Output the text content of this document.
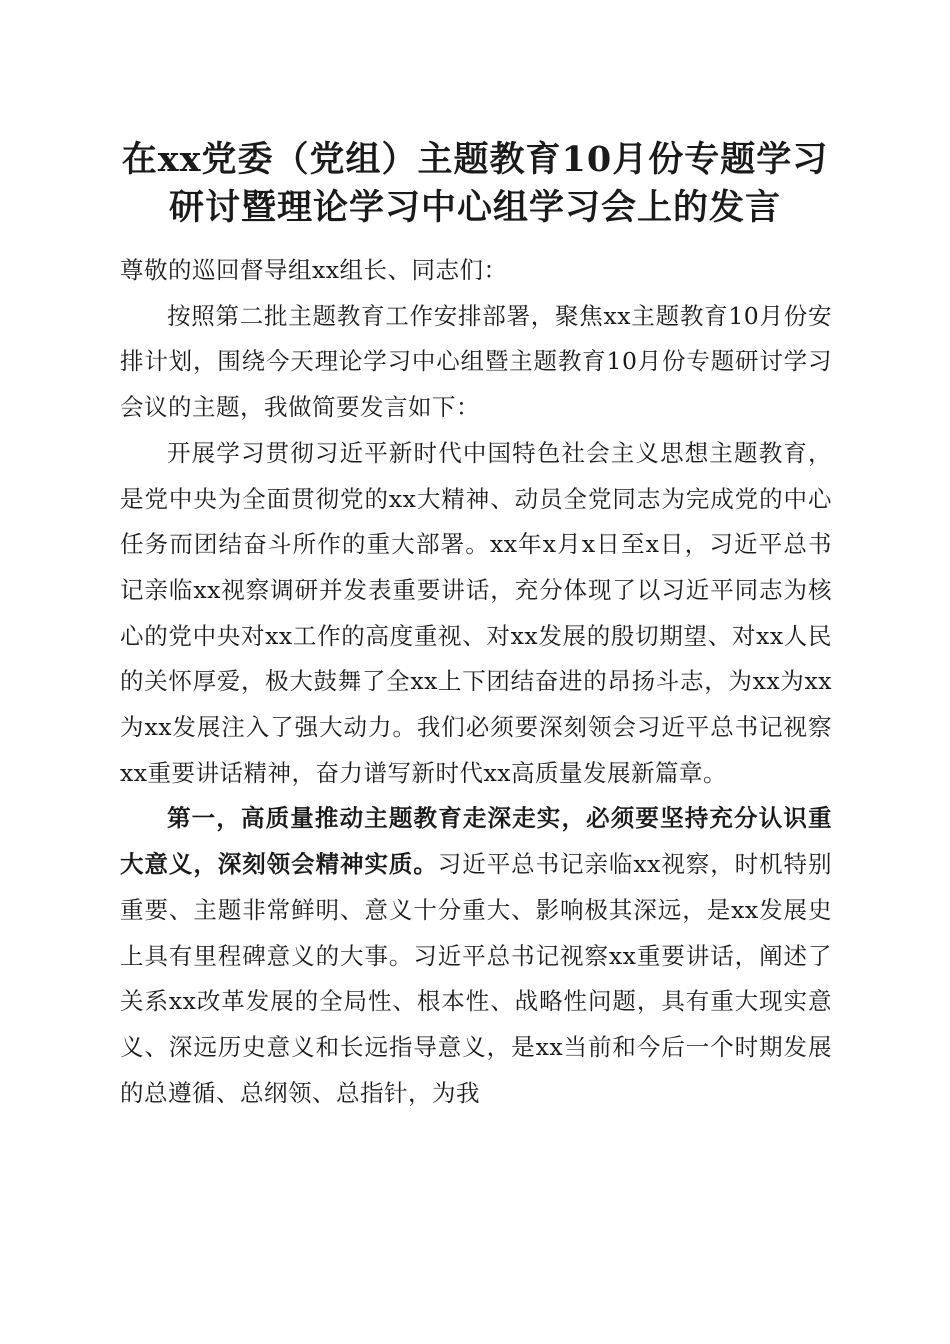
在xx党委（党组）主题教育10月份专题学习
研讨暨理论学习中心组学习会上的发言

尊敬的巡回督导组xx组长、同志们：

按照第二批主题教育工作安排部署，聚焦xx主题教育10月份安排计划，围绕今天理论学习中心组暨主题教育10月份专题研讨学习会议的主题，我做简要发言如下：

开展学习贯彻习近平新时代中国特色社会主义思想主题教育，是党中央为全面贯彻党的xx大精神、动员全党同志为完成党的中心任务而团结奋斗所作的重大部署。xx年x月x日至x日，习近平总书记亲临xx视察调研并发表重要讲话，充分体现了以习近平同志为核心的党中央对xx工作的高度重视、对xx发展的殷切期望、对xx人民的关怀厚爱，极大鼓舞了全xx上下团结奋进的昂扬斗志，为xx为xx为xx发展注入了强大动力。我们必须要深刻领会习近平总书记视察xx重要讲话精神，奋力谱写新时代xx高质量发展新篇章。

第一，高质量推动主题教育走深走实，必须要坚持充分认识重大意义，深刻领会精神实质。习近平总书记亲临xx视察，时机特别重要、主题非常鲜明、意义十分重大、影响极其深远，是xx发展史上具有里程碑意义的大事。习近平总书记视察xx重要讲话，阐述了关系xx改革发展的全局性、根本性、战略性问题，具有重大现实意义、深远历史意义和长远指导意义，是xx当前和今后一个时期发展的总遵循、总纲领、总指针，为我
